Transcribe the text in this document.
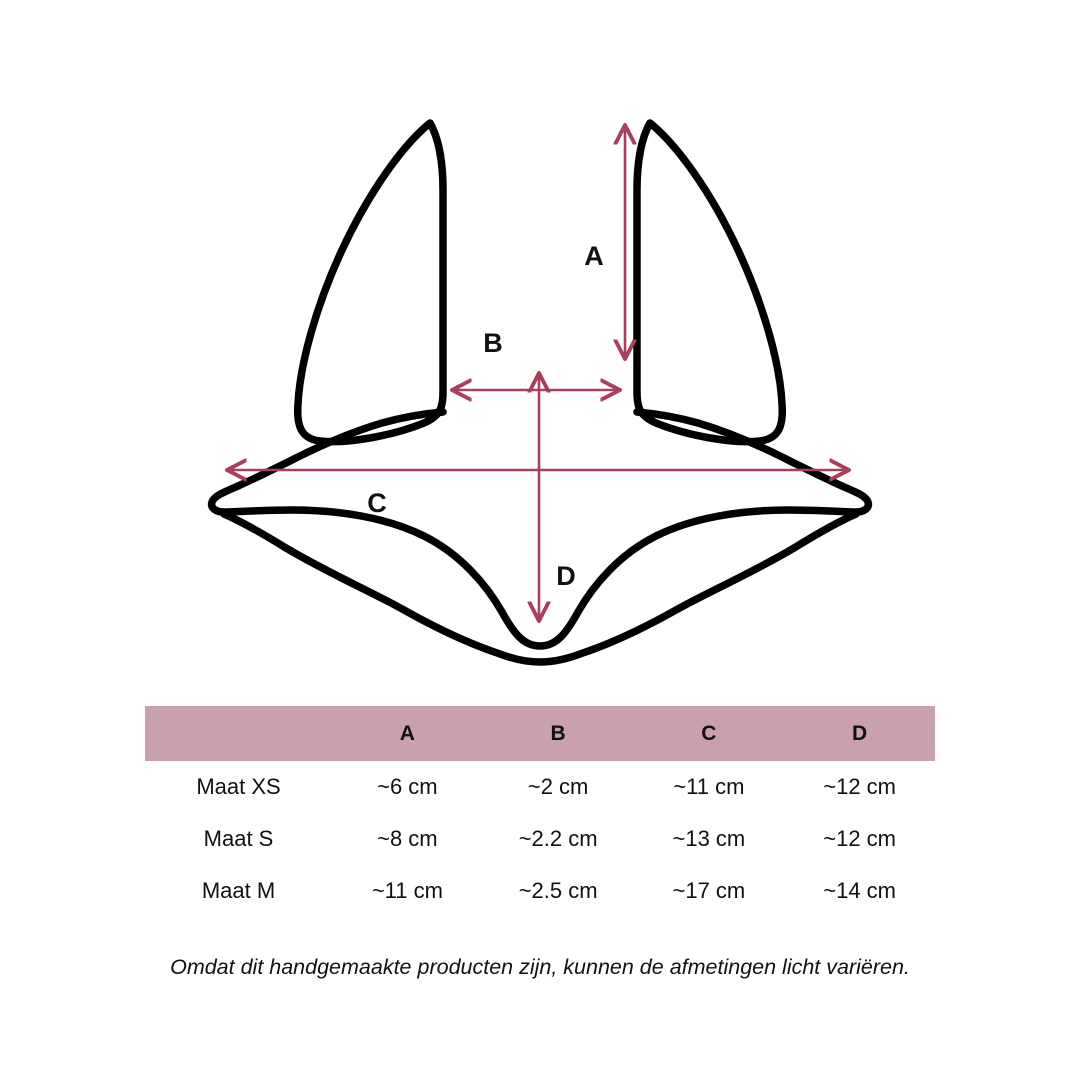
A
B
C
D
	A	B	C	D
Maat XS	~6 cm	~2 cm	~11 cm	~12 cm
Maat S	~8 cm	~2.2 cm	~13 cm	~12 cm
Maat M	~11 cm	~2.5 cm	~17 cm	~14 cm
Omdat dit handgemaakte producten zijn, kunnen de afmetingen licht variëren.
